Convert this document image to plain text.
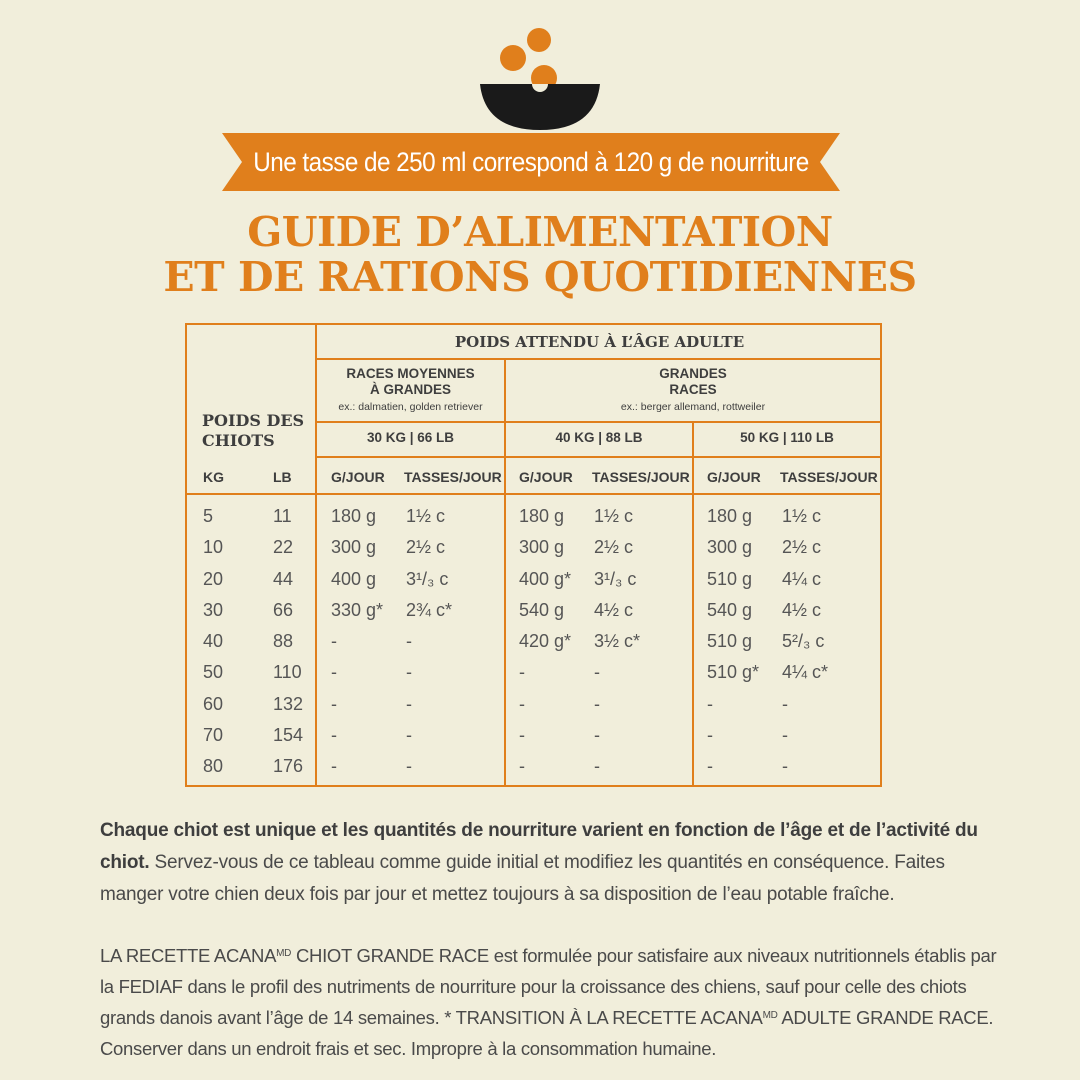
Une tasse de 250 ml correspond à 120 g de nourriture
GUIDE D’ALIMENTATION
ET DE RATIONS QUOTIDIENNES
POIDS ATTENDU À L’ÂGE ADULTE
POIDS DES
CHIOTS
RACES MOYENNES
À GRANDES
ex.: dalmatien, golden retriever
GRANDES
RACES
ex.: berger allemand, rottweiler
30 KG | 66 LB	40 KG | 88 LB	50 KG | 110 LB
KG	LB	G/JOUR TASSES/JOUR G/JOUR TASSES/JOUR G/JOUR TASSES/JOUR
5	11 180 g 1½ c	180 g 1½ c	180 g 1½ c
10	22 300 g 2½ c	300 g 2½ c	300 g 2½ c
20	44 400 g 3¹/₃ c	400 g* 3¹/₃ c	510 g 4¼ c
30	66 330 g* 2¾ c*	540 g 4½ c	540 g 4½ c
40	88 -	-	420 g* 3½ c*	510 g 5²/₃ c
50	110 -	-	-	-	510 g* 4¼ c*
60	132 -	-	-	-	-	-
70	154 -	-	-	-	-	-
80	176 -	-	-	-	-	-
Chaque chiot est unique et les quantités de nourriture varient en fonction de l’âge et de l’activité du chiot. Servez-vous de ce tableau comme guide initial et modifiez les quantités en conséquence. Faites manger votre chien deux fois par jour et mettez toujours à sa disposition de l’eau potable fraîche.
LA RECETTE $ACANA^{MD}$ CHIOT GRANDE RACE est formulée pour satisfaire aux niveaux nutritionnels établis par la FEDIAF dans le profil des nutriments de nourriture pour la croissance des chiens, sauf pour celle des chiots grands danois avant l’âge de 14 semaines. * TRANSITION À LA RECETTE $ACANA^{MD}$ ADULTE GRANDE RACE. Conserver dans un endroit frais et sec. Impropre à la consommation humaine.
